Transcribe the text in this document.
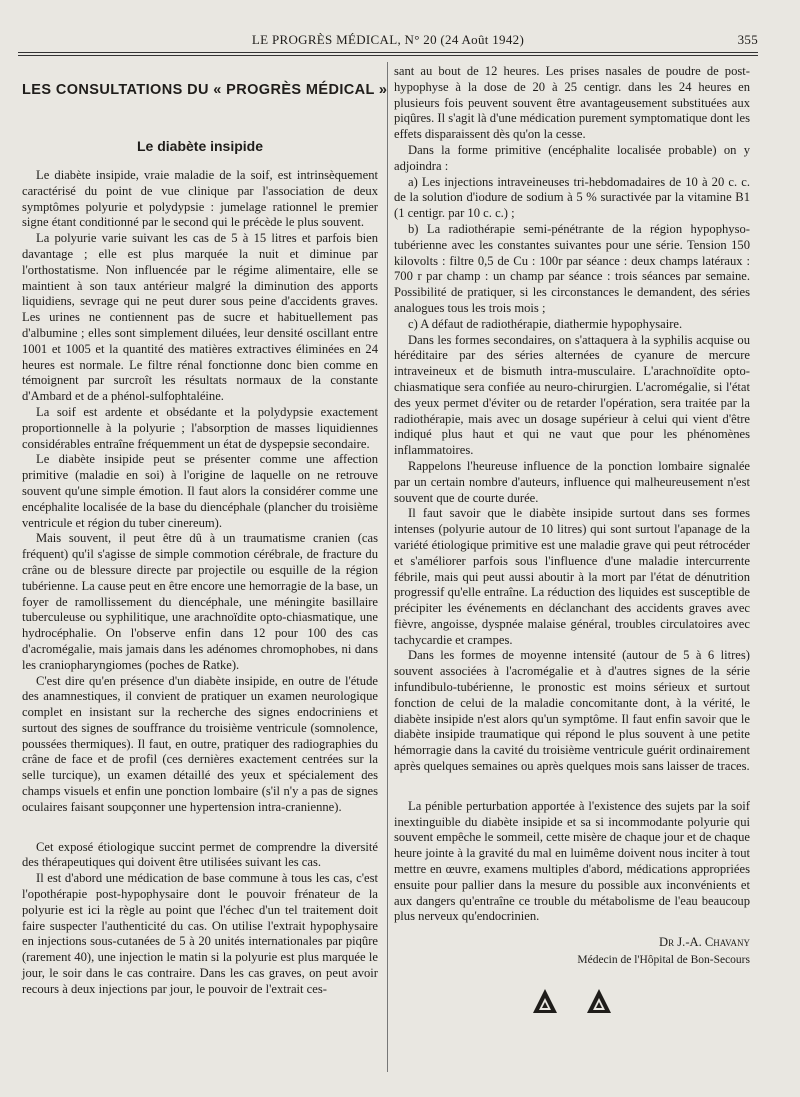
LE PROGRÈS MÉDICAL, N° 20 (24 Août 1942)	355
LES CONSULTATIONS DU « PROGRÈS MÉDICAL »
Le diabète insipide

Le diabète insipide, vraie maladie de la soif, est intrinsèquement caractérisé du point de vue clinique par l'association de deux symptômes polyurie et polydypsie : jumelage rationnel le premier signe étant conditionné par le second qui le précède le plus souvent.

La polyurie varie suivant les cas de 5 à 15 litres et parfois bien davantage ; elle est plus marquée la nuit et diminue par l'orthostatisme. Non influencée par le régime alimentaire, elle se maintient à son taux antérieur malgré la diminution des apports liquidiens, sevrage qui ne peut durer sous peine d'accidents graves. Les urines ne contiennent pas de sucre et habituellement pas d'albumine ; elles sont simplement diluées, leur densité oscillant entre 1001 et 1005 et la quantité des matières extractives éliminées en 24 heures est normale. Le filtre rénal fonctionne donc bien comme en témoignent par surcroît les résultats normaux de la constante d'Ambard et de a phénol-sulfophtaléine.

La soif est ardente et obsédante et la polydypsie exactement proportionnelle à la polyurie ; l'absorption de masses liquidiennes considérables entraîne fréquemment un état de dyspepsie secondaire.

Le diabète insipide peut se présenter comme une affection primitive (maladie en soi) à l'origine de laquelle on ne retrouve souvent qu'une simple émotion. Il faut alors la considérer comme une encéphalite localisée de la base du diencéphale (plancher du troisième ventricule et région du tuber cinereum).

Mais souvent, il peut être dû à un traumatisme cranien (cas fréquent) qu'il s'agisse de simple commotion cérébrale, de fracture du crâne ou de blessure directe par projectile ou esquille de la région tubérienne. La cause peut en être encore une hemorragie de la base, un foyer de ramollissement du diencéphale, une méningite basillaire tuberculeuse ou syphilitique, une arachnoïdite opto-chiasmatique, une hydrocéphalie. On l'observe enfin dans 12 pour 100 des cas d'acromégalie, mais jamais dans les adénomes chromophobes, ni dans les craniopharyngiomes (poches de Ratke).

C'est dire qu'en présence d'un diabète insipide, en outre de l'étude des anamnestiques, il convient de pratiquer un examen neurologique complet en insistant sur la recherche des signes endocriniens et surtout des signes de souffrance du troisième ventricule (somnolence, poussées thermiques). Il faut, en outre, pratiquer des radiographies du crâne de face et de profil (ces dernières exactement centrées sur la selle turcique), un examen détaillé des yeux et spécialement des champs visuels et enfin une ponction lombaire (s'il n'y a pas de signes oculaires faisant soupçonner une hypertension intra-cranienne).

Cet exposé étiologique succint permet de comprendre la diversité des thérapeutiques qui doivent être utilisées suivant les cas.

Il est d'abord une médication de base commune à tous les cas, c'est l'opothérapie post-hypophysaire dont le pouvoir frénateur de la polyurie est ici la règle au point que l'échec d'un tel traitement doit faire suspecter l'authenticité du cas. On utilise l'extrait hypophysaire en injections sous-cutanées de 5 à 20 unités internationales par piqûre (rarement 40), une injection le matin si la polyurie est plus marquée le jour, le soir dans le cas contraire. Dans les cas graves, on peut avoir recours à deux injections par jour, le pouvoir de l'extrait ces-

sant au bout de 12 heures. Les prises nasales de poudre de post-hypophyse à la dose de 20 à 25 centigr. dans les 24 heures en plusieurs fois peuvent souvent être avantageusement substituées aux piqûres. Il s'agit là d'une médication purement symptomatique dont les effets disparaissent dès qu'on la cesse.

Dans la forme primitive (encéphalite localisée probable) on y adjoindra :

a) Les injections intraveineuses tri-hebdomadaires de 10 à 20 c. c. de la solution d'iodure de sodium à 5 % suractivée par la vitamine B1 (1 centigr. par 10 c. c.) ;

b) La radiothérapie semi-pénétrante de la région hypophyso-tubérienne avec les constantes suivantes pour une série. Tension 150 kilovolts : filtre 0,5 de Cu : 100r par séance : deux champs latéraux : 700 r par champ : un champ par séance : trois séances par semaine. Possibilité de pratiquer, si les circonstances le demandent, des séries analogues tous les trois mois ;

c) A défaut de radiothérapie, diathermie hypophysaire.

Dans les formes secondaires, on s'attaquera à la syphilis acquise ou héréditaire par des séries alternées de cyanure de mercure intraveineux et de bismuth intra-musculaire. L'arachnoïdite opto-chiasmatique sera confiée au neuro-chirurgien. L'acromégalie, si l'état des yeux permet d'éviter ou de retarder l'opération, sera traitée par la radiothérapie, mais avec un dosage supérieur à celui qui vient d'être indiqué plus haut et qui ne vaut que pour les phénomènes inflammatoires.

Rappelons l'heureuse influence de la ponction lombaire signalée par un certain nombre d'auteurs, influence qui malheureusement n'est souvent que de courte durée.

Il faut savoir que le diabète insipide surtout dans ses formes intenses (polyurie autour de 10 litres) qui sont surtout l'apanage de la variété étiologique primitive est une maladie grave qui peut rétrocéder et s'améliorer parfois sous l'influence d'une maladie intercurrente fébrile, mais qui peut aussi aboutir à la mort par l'état de dénutrition progressif qu'elle entraîne. La réduction des liquides est susceptible de précipiter les événements en déclanchant des accidents graves avec fièvre, angoisse, dyspnée malaise général, troubles circulatoires avec tachycardie et crampes.

Dans les formes de moyenne intensité (autour de 5 à 6 litres) souvent associées à l'acromégalie et à d'autres signes de la série infundibulo-tubérienne, le pronostic est moins sérieux et surtout fonction de celui de la maladie concomitante dont, à la vérité, le diabète insipide n'est alors qu'un symptôme. Il faut enfin savoir que le diabète insipide traumatique qui répond le plus souvent à une petite hémorragie dans la cavité du troisième ventricule guérit ordinairement après quelques semaines ou après quelques mois sans laisser de traces.

La pénible perturbation apportée à l'existence des sujets par la soif inextinguible du diabète insipide et sa si incommodante polyurie qui souvent empêche le sommeil, cette misère de chaque jour et de chaque heure jointe à la gravité du mal en luimême doivent nous inciter à tout mettre en œuvre, examens multiples d'abord, médications appropriées ensuite pour pallier dans la mesure du possible aux inconvénients et aux dangers qu'entraîne ce trouble du métabolisme de l'eau beaucoup plus nerveux qu'endocrinien.

Dr J.-A. Chavany
Médecin de l'Hôpital de Bon-Secours
